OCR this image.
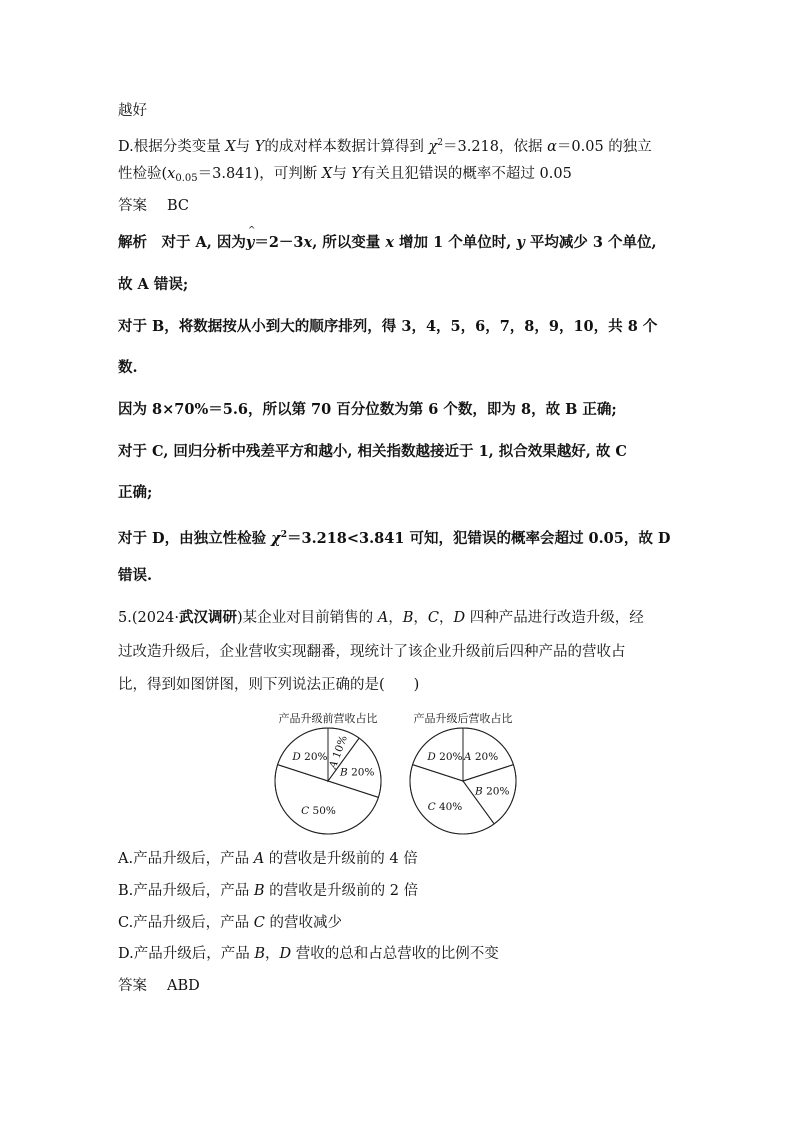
越好
D.根据分类变量 X与 Y的成对样本数据计算得到 $\chi^2=3.218$，依据 α＝0.05 的独立
性检验$(x_{0.05}=3.841)$，可判断 X与 Y有关且犯错误的概率不超过 0.05
答案 BC
解析　对于 A, 因为^ y＝2－3x, 所以变量 x 增加 1 个单位时, y 平均减少 3 个单位,
故 A 错误;
对于 B，将数据按从小到大的顺序排列，得 3，4，5，6，7，8，9，10，共 8 个
数.
因为 8×70%＝5.6，所以第 70 百分位数为第 6 个数，即为 8，故 B 正确;
对于 C, 回归分析中残差平方和越小, 相关指数越接近于 1, 拟合效果越好, 故 C
正确;
对于 D，由独立性检验 $\chi^2=3.218<3.841$ 可知，犯错误的概率会超过 0.05，故 D
错误.
5.(2024·武汉调研)某企业对目前销售的 A，B，C，D 四种产品进行改造升级，经
过改造升级后，企业营收实现翻番，现统计了该企业升级前后四种产品的营收占
比，得到如图饼图，则下列说法正确的是(　　)
产品升级前营收占比
A 10%
B 20%
C 50%
D 20%
产品升级后营收占比
A 20%
B 20%
C 40%
D 20%
A.产品升级后，产品 A 的营收是升级前的 4 倍
B.产品升级后，产品 B 的营收是升级前的 2 倍
C.产品升级后，产品 C 的营收减少
D.产品升级后，产品 B，D 营收的总和占总营收的比例不变
答案 ABD
